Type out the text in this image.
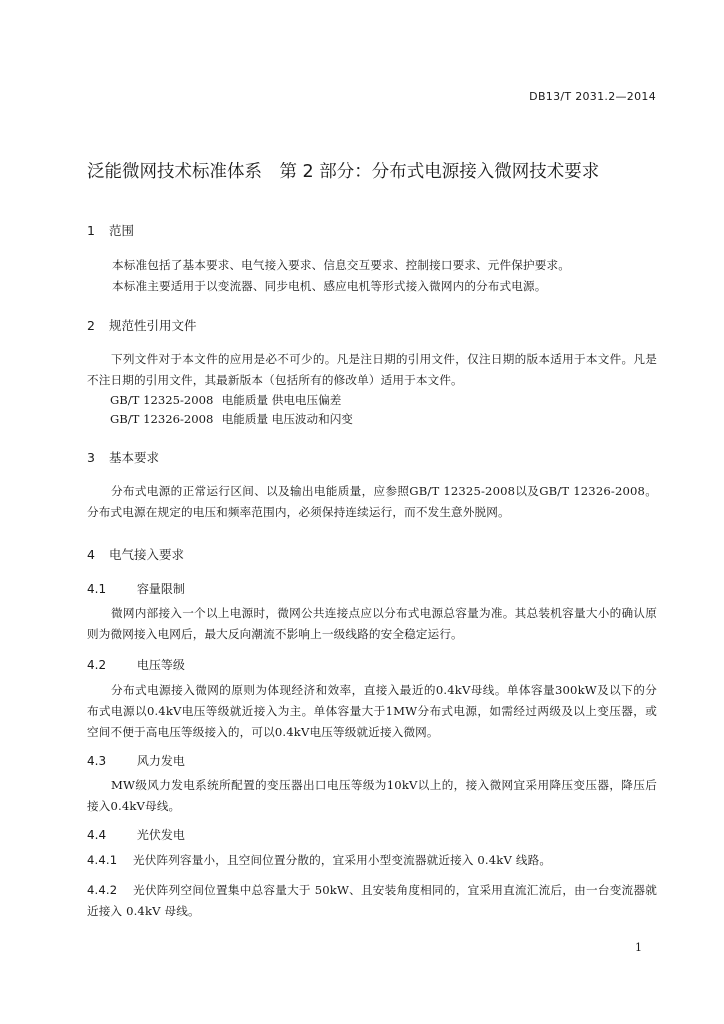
DB13/T 2031.2—2014
泛能微网技术标准体系　第 2 部分：分布式电源接入微网技术要求
1 范围
本标准包括了基本要求、电气接入要求、信息交互要求、控制接口要求、元件保护要求。
本标准主要适用于以变流器、同步电机、感应电机等形式接入微网内的分布式电源。
2 规范性引用文件
下列文件对于本文件的应用是必不可少的。凡是注日期的引用文件，仅注日期的版本适用于本文件。凡是不注日期的引用文件，其最新版本（包括所有的修改单）适用于本文件。
GB/T 12325-2008 电能质量 供电电压偏差
GB/T 12326-2008 电能质量 电压波动和闪变
3 基本要求
分布式电源的正常运行区间、以及输出电能质量，应参照GB/T 12325-2008以及GB/T 12326-2008。分布式电源在规定的电压和频率范围内，必须保持连续运行，而不发生意外脱网。
4 电气接入要求
4.1	容量限制
微网内部接入一个以上电源时，微网公共连接点应以分布式电源总容量为准。其总装机容量大小的确认原则为微网接入电网后，最大反向潮流不影响上一级线路的安全稳定运行。
4.2	电压等级
分布式电源接入微网的原则为体现经济和效率，直接入最近的0.4kV母线。单体容量300kW及以下的分布式电源以0.4kV电压等级就近接入为主。单体容量大于1MW分布式电源，如需经过两级及以上变压器，或空间不便于高电压等级接入的，可以0.4kV电压等级就近接入微网。
4.3	风力发电
MW级风力发电系统所配置的变压器出口电压等级为10kV以上的，接入微网宜采用降压变压器，降压后接入0.4kV母线。
4.4	光伏发电
4.4.1 光伏阵列容量小，且空间位置分散的，宜采用小型变流器就近接入 0.4kV 线路。
4.4.2 光伏阵列空间位置集中总容量大于 50kW、且安装角度相同的，宜采用直流汇流后，由一台变流器就近接入 0.4kV 母线。
1
